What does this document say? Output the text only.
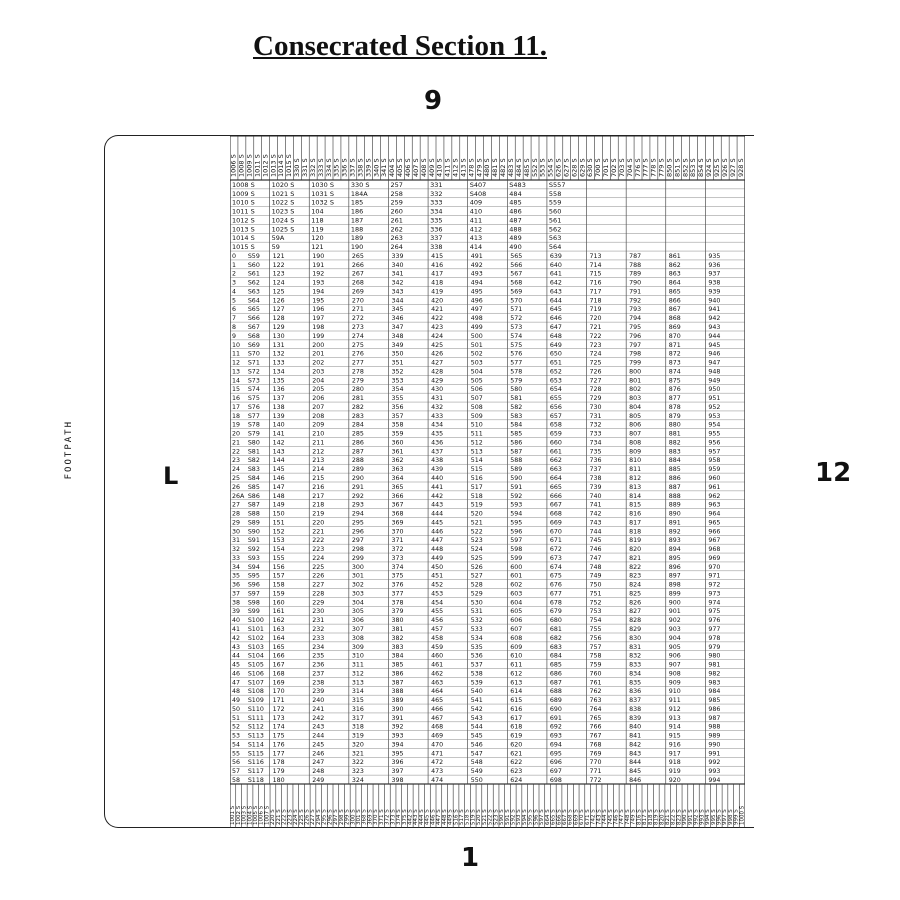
Consecrated Section 11.
9
1
12
L
FOOTPATH
1006 S 1008 S 1009 S 1011 S 1012 S 1013 S 1014 S 1015 S 330 S 331 S 332 S 333 S 334 S 335 S 336 S 337 S 338 S 339 S 340 S 341 S 404 S 405 S 406 S 407 S 408 S 409 S 410 S 411 S 412 S 413 S 478 S 479 S 480 S 481 S 482 S 483 S 484 S 485 S 552 S 553 S 554 S 626 S 627 S 628 S 629 S 630 S 700 S 701 S 702 S 703 S 704 S 776 S 777 S 778 S 779 S 850 S 851 S 852 S 853 S 854 S 924 S 925 S 926 S 927 S 928 S
1001 S 1002 S 1003 S 1004 S 1005 S 1006 S 1007 S 220 S 221 S 222 S 223 S 224 S 225 S 226 S 227 S 294 S 295 S 296 S 297 S 298 S 299 S 300 S 301 S 368 S 369 S 370 S 371 S 372 S 373 S 374 S 375 S 442 S 443 S 444 S 445 S 446 S 447 S 448 S 449 S 516 S 517 S 518 S 519 S 520 S 521 S 522 S 523 S 590 S 591 S 592 S 593 S 594 S 595 S 596 S 597 S 664 S 665 S 666 S 667 S 668 S 669 S 670 S 671 S 742 S 743 S 744 S 745 S 746 S 747 S 748 S 749 S 816 S 817 S 818 S 819 S 820 S 821 S 822 S 823 S 990 S 991 S 992 S 993 S 994 S 995 S 996 S 997 S 998 S 999 S 1000 S
1008 S	1020 S	1030 S	330 S	257	331	S407	S483	S557
1009 S	1021 S	1031 S	184A	258	332	S408	484	558
1010 S	1022 S	1032 S	185	259	333	409	485	559
1011 S	1023 S	104	186	260	334	410	486	560
1012 S	1024 S	118	187	261	335	411	487	561
1013 S	1025 S	119	188	262	336	412	488	562
1014 S	59A	120	189	263	337	413	489	563
1015 S	59	121	190	264	338	414	490	564
0 S59 121	190	265	339	415	491	565	639	713	787	861	935
1 S60 122	191	266	340	416	492	566	640	714	788	862	936
2 S61 123	192	267	341	417	493	567	641	715	789	863	937
3 S62 124	193	268	342	418	494	568	642	716	790	864	938
4 S63 125	194	269	343	419	495	569	643	717	791	865	939
5 S64 126	195	270	344	420	496	570	644	718	792	866	940
6 S65 127	196	271	345	421	497	571	645	719	793	867	941
7 S66 128	197	272	346	422	498	572	646	720	794	868	942
8 S67 129	198	273	347	423	499	573	647	721	795	869	943
9 S68 130	199	274	348	424	500	574	648	722	796	870	944
10 S69 131	200	275	349	425	501	575	649	723	797	871	945
11 S70 132	201	276	350	426	502	576	650	724	798	872	946
12 S71 133	202	277	351	427	503	577	651	725	799	873	947
13 S72 134	203	278	352	428	504	578	652	726	800	874	948
14 S73 135	204	279	353	429	505	579	653	727	801	875	949
15 S74 136	205	280	354	430	506	580	654	728	802	876	950
16 S75 137	206	281	355	431	507	581	655	729	803	877	951
17 S76 138	207	282	356	432	508	582	656	730	804	878	952
18 S77 139	208	283	357	433	509	583	657	731	805	879	953
19 S78 140	209	284	358	434	510	584	658	732	806	880	954
20 S79 141	210	285	359	435	511	585	659	733	807	881	955
21 S80 142	211	286	360	436	512	586	660	734	808	882	956
22 S81 143	212	287	361	437	513	587	661	735	809	883	957
23 S82 144	213	288	362	438	514	588	662	736	810	884	958
24 S83 145	214	289	363	439	515	589	663	737	811	885	959
25 S84 146	215	290	364	440	516	590	664	738	812	886	960
26 S85 147	216	291	365	441	517	591	665	739	813	887	961
26A S86 148	217	292	366	442	518	592	666	740	814	888	962
27 S87 149	218	293	367	443	519	593	667	741	815	889	963
28 S88 150	219	294	368	444	520	594	668	742	816	890	964
29 S89 151	220	295	369	445	521	595	669	743	817	891	965
30 S90 152	221	296	370	446	522	596	670	744	818	892	966
31 S91 153	222	297	371	447	523	597	671	745	819	893	967
32 S92 154	223	298	372	448	524	598	672	746	820	894	968
33 S93 155	224	299	373	449	525	599	673	747	821	895	969
34 S94 156	225	300	374	450	526	600	674	748	822	896	970
35 S95 157	226	301	375	451	527	601	675	749	823	897	971
36 S96 158	227	302	376	452	528	602	676	750	824	898	972
37 S97 159	228	303	377	453	529	603	677	751	825	899	973
38 S98 160	229	304	378	454	530	604	678	752	826	900	974
39 S99 161	230	305	379	455	531	605	679	753	827	901	975
40 S100 162	231	306	380	456	532	606	680	754	828	902	976
41 S101 163	232	307	381	457	533	607	681	755	829	903	977
42 S102 164	233	308	382	458	534	608	682	756	830	904	978
43 S103 165	234	309	383	459	535	609	683	757	831	905	979
44 S104 166	235	310	384	460	536	610	684	758	832	906	980
45 S105 167	236	311	385	461	537	611	685	759	833	907	981
46 S106 168	237	312	386	462	538	612	686	760	834	908	982
47 S107 169	238	313	387	463	539	613	687	761	835	909	983
48 S108 170	239	314	388	464	540	614	688	762	836	910	984
49 S109 171	240	315	389	465	541	615	689	763	837	911	985
50 S110 172	241	316	390	466	542	616	690	764	838	912	986
51 S111 173	242	317	391	467	543	617	691	765	839	913	987
52 S112 174	243	318	392	468	544	618	692	766	840	914	988
53 S113 175	244	319	393	469	545	619	693	767	841	915	989
54 S114 176	245	320	394	470	546	620	694	768	842	916	990
55 S115 177	246	321	395	471	547	621	695	769	843	917	991
56 S116 178	247	322	396	472	548	622	696	770	844	918	992
57 S117 179	248	323	397	473	549	623	697	771	845	919	993
58 S118 180	249	324	398	474	550	624	698	772	846	920	994
